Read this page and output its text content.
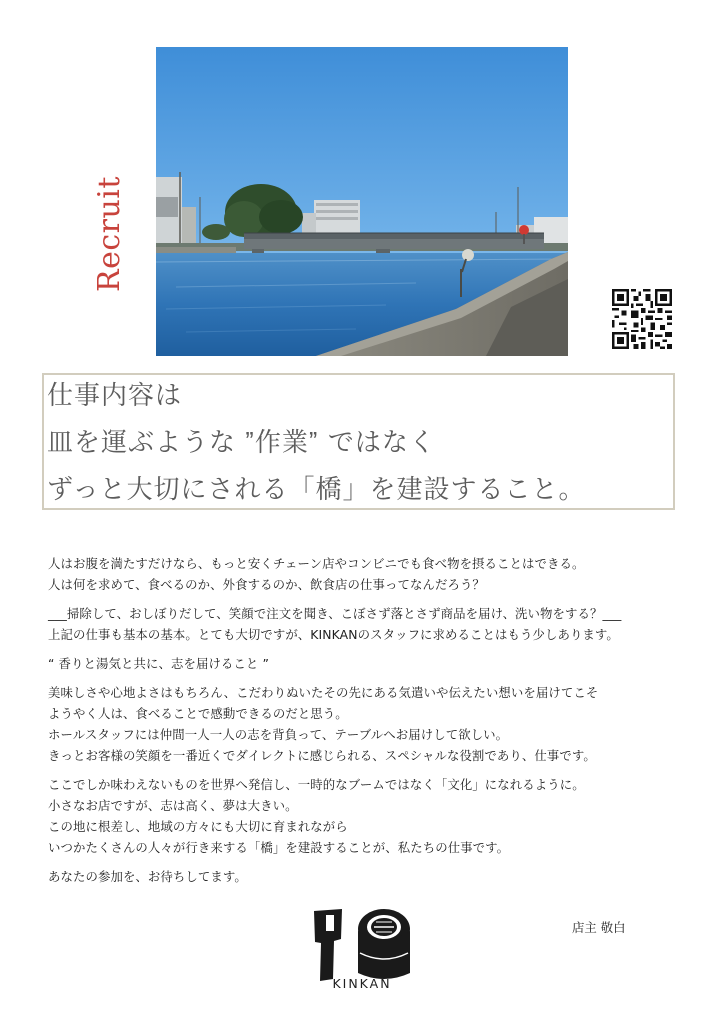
Recruit
仕事内容は
皿を運ぶような ˮ作業ˮ ではなく
ずっと大切にされる「橋」を建設すること。

人はお腹を満たすだけなら、もっと安くチェーン店やコンビニでも食べ物を摂ることはできる。
人は何を求めて、食べるのか、外食するのか、飲食店の仕事ってなんだろう？

___掃除して、おしぼりだして、笑顔で注文を聞き、こぼさず落とさず商品を届け、洗い物をする？___
上記の仕事も基本の基本。とても大切ですが、KINKANのスタッフに求めることはもう少しあります。

“ 香りと湯気と共に、志を届けること ”

美味しさや心地よさはもちろん、こだわりぬいたその先にある気遣いや伝えたい想いを届けてこそ
ようやく人は、食べることで感動できるのだと思う。
ホールスタッフには仲間一人一人の志を背負って、テーブルへお届けして欲しい。
きっとお客様の笑顔を一番近くでダイレクトに感じられる、スペシャルな役割であり、仕事です。

ここでしか味わえないものを世界へ発信し、一時的なブームではなく「文化」になれるように。
小さなお店ですが、志は高く、夢は大きい。
この地に根差し、地域の方々にも大切に育まれながら
いつかたくさんの人々が行き来する「橋」を建設することが、私たちの仕事です。

あなたの参加を、お待ちしてます。

店主 敬白
KINKAN
